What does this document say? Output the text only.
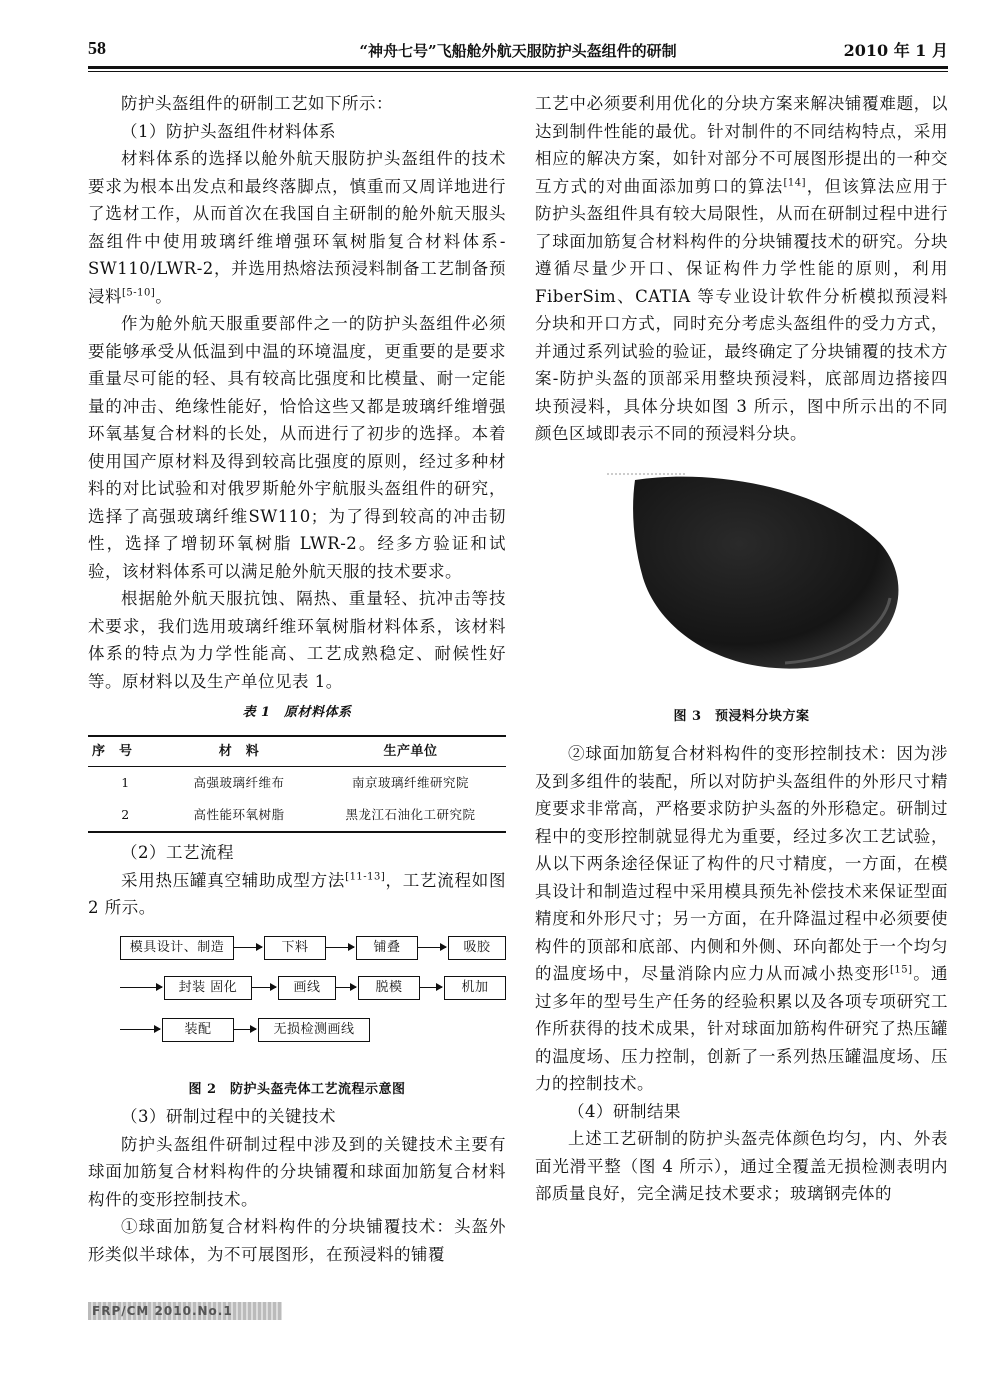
58	“神舟七号”飞船舱外航天服防护头盔组件的研制	2010 年 1 月

防护头盔组件的研制工艺如下所示：

（1）防护头盔组件材料体系

材料体系的选择以舱外航天服防护头盔组件的技术要求为根本出发点和最终落脚点，慎重而又周详地进行了选材工作，从而首次在我国自主研制的舱外航天服头盔组件中使用玻璃纤维增强环氧树脂复合材料体系-SW110/LWR-2，并选用热熔法预浸料制备工艺制备预浸料[5-10]。

作为舱外航天服重要部件之一的防护头盔组件必须要能够承受从低温到中温的环境温度，更重要的是要求重量尽可能的轻、具有较高比强度和比模量、耐一定能量的冲击、绝缘性能好，恰恰这些又都是玻璃纤维增强环氧基复合材料的长处，从而进行了初步的选择。本着使用国产原材料及得到较高比强度的原则，经过多种材料的对比试验和对俄罗斯舱外宇航服头盔组件的研究，选择了高强玻璃纤维SW110；为了得到较高的冲击韧性，选择了增韧环氧树脂 LWR-2。经多方验证和试验，该材料体系可以满足舱外航天服的技术要求。

根据舱外航天服抗蚀、隔热、重量轻、抗冲击等技术要求，我们选用玻璃纤维环氧树脂材料体系，该材料体系的特点为力学性能高、工艺成熟稳定、耐候性好等。原材料以及生产单位见表 1。

表 1　原材料体系
序　号	材　料	生产单位
1	高强玻璃纤维布	南京玻璃纤维研究院
2	高性能环氧树脂	黑龙江石油化工研究院

（2）工艺流程

采用热压罐真空辅助成型方法[11-13]，工艺流程如图 2 所示。

模具设计、制造	下料	铺叠	吸胶
封装 固化	画线	脱模	机加
装配	无损检测画线
图 2　防护头盔壳体工艺流程示意图

（3）研制过程中的关键技术

防护头盔组件研制过程中涉及到的关键技术主要有球面加筋复合材料构件的分块铺覆和球面加筋复合材料构件的变形控制技术。

①球面加筋复合材料构件的分块铺覆技术：头盔外形类似半球体，为不可展图形，在预浸料的铺覆

工艺中必须要利用优化的分块方案来解决铺覆难题，以达到制件性能的最优。针对制件的不同结构特点，采用相应的解决方案，如针对部分不可展图形提出的一种交互方式的对曲面添加剪口的算法[14]，但该算法应用于防护头盔组件具有较大局限性，从而在研制过程中进行了球面加筋复合材料构件的分块铺覆技术的研究。分块遵循尽量少开口、保证构件力学性能的原则，利用 FiberSim、CATIA 等专业设计软件分析模拟预浸料分块和开口方式，同时充分考虑头盔组件的受力方式，并通过系列试验的验证，最终确定了分块铺覆的技术方案-防护头盔的顶部采用整块预浸料，底部周边搭接四块预浸料，具体分块如图 3 所示，图中所示出的不同颜色区域即表示不同的预浸料分块。

图 3　预浸料分块方案

②球面加筋复合材料构件的变形控制技术：因为涉及到多组件的装配，所以对防护头盔组件的外形尺寸精度要求非常高，严格要求防护头盔的外形稳定。研制过程中的变形控制就显得尤为重要，经过多次工艺试验，从以下两条途径保证了构件的尺寸精度，一方面，在模具设计和制造过程中采用模具预先补偿技术来保证型面精度和外形尺寸；另一方面，在升降温过程中必须要使构件的顶部和底部、内侧和外侧、环向都处于一个均匀的温度场中，尽量消除内应力从而减小热变形[15]。通过多年的型号生产任务的经验积累以及各项专项研究工作所获得的技术成果，针对球面加筋构件研究了热压罐的温度场、压力控制，创新了一系列热压罐温度场、压力的控制技术。

（4）研制结果

上述工艺研制的防护头盔壳体颜色均匀，内、外表面光滑平整（图 4 所示），通过全覆盖无损检测表明内部质量良好，完全满足技术要求；玻璃钢壳体的

FRP/CM 2010.No.1
